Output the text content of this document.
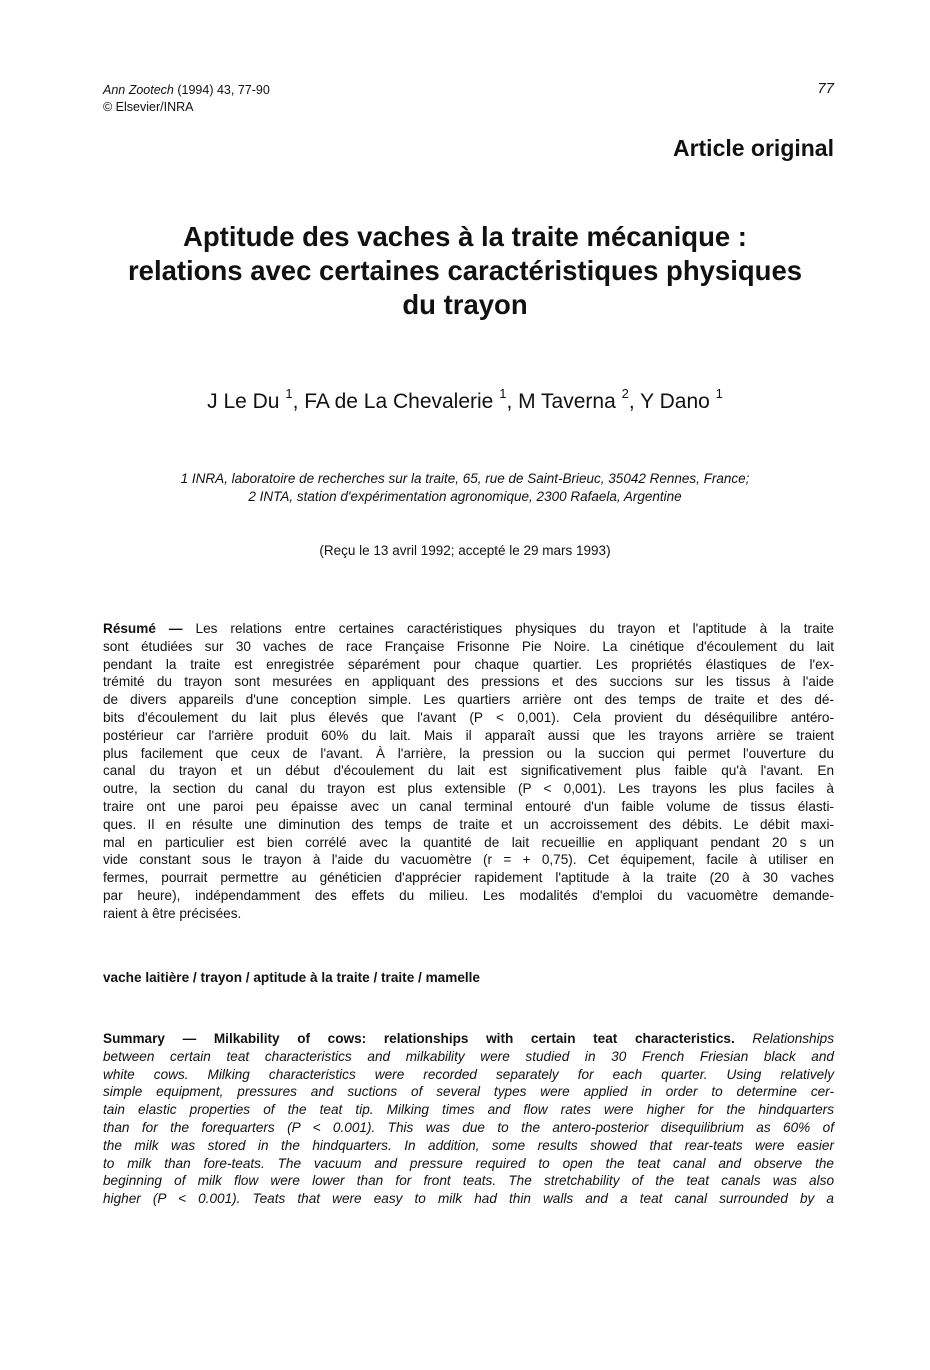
Ann Zootech (1994) 43, 77-90
© Elsevier/INRA
77
Article original
Aptitude des vaches à la traite mécanique :
relations avec certaines caractéristiques physiques
du trayon
J Le Du $^1$, FA de La Chevalerie $^1$, M Taverna $^2$, Y Dano $^1$
1 INRA, laboratoire de recherches sur la traite, 65, rue de Saint-Brieuc, 35042 Rennes, France;
2 INTA, station d'expérimentation agronomique, 2300 Rafaela, Argentine
(Reçu le 13 avril 1992; accepté le 29 mars 1993)
Résumé — Les relations entre certaines caractéristiques physiques du trayon et l'aptitude à la traite
sont étudiées sur 30 vaches de race Française Frisonne Pie Noire. La cinétique d'écoulement du lait
pendant la traite est enregistrée séparément pour chaque quartier. Les propriétés élastiques de l'ex-
trémité du trayon sont mesurées en appliquant des pressions et des succions sur les tissus à l'aide
de divers appareils d'une conception simple. Les quartiers arrière ont des temps de traite et des dé-
bits d'écoulement du lait plus élevés que l'avant (P < 0,001). Cela provient du déséquilibre antéro-
postérieur car l'arrière produit 60% du lait. Mais il apparaît aussi que les trayons arrière se traient
plus facilement que ceux de l'avant. À l'arrière, la pression ou la succion qui permet l'ouverture du
canal du trayon et un début d'écoulement du lait est significativement plus faible qu'à l'avant. En
outre, la section du canal du trayon est plus extensible (P < 0,001). Les trayons les plus faciles à
traire ont une paroi peu épaisse avec un canal terminal entouré d'un faible volume de tissus élasti-
ques. Il en résulte une diminution des temps de traite et un accroissement des débits. Le débit maxi-
mal en particulier est bien corrélé avec la quantité de lait recueillie en appliquant pendant 20 s un
vide constant sous le trayon à l'aide du vacuomètre (r = + 0,75). Cet équipement, facile à utiliser en
fermes, pourrait permettre au généticien d'apprécier rapidement l'aptitude à la traite (20 à 30 vaches
par heure), indépendamment des effets du milieu. Les modalités d'emploi du vacuomètre demande-
raient à être précisées.
vache laitière / trayon / aptitude à la traite / traite / mamelle
Summary — Milkability of cows: relationships with certain teat characteristics. Relationships
between certain teat characteristics and milkability were studied in 30 French Friesian black and
white cows. Milking characteristics were recorded separately for each quarter. Using relatively
simple equipment, pressures and suctions of several types were applied in order to determine cer-
tain elastic properties of the teat tip. Milking times and flow rates were higher for the hindquarters
than for the forequarters (P < 0.001). This was due to the antero-posterior disequilibrium as 60% of
the milk was stored in the hindquarters. In addition, some results showed that rear-teats were easier
to milk than fore-teats. The vacuum and pressure required to open the teat canal and observe the
beginning of milk flow were lower than for front teats. The stretchability of the teat canals was also
higher (P < 0.001). Teats that were easy to milk had thin walls and a teat canal surrounded by a
